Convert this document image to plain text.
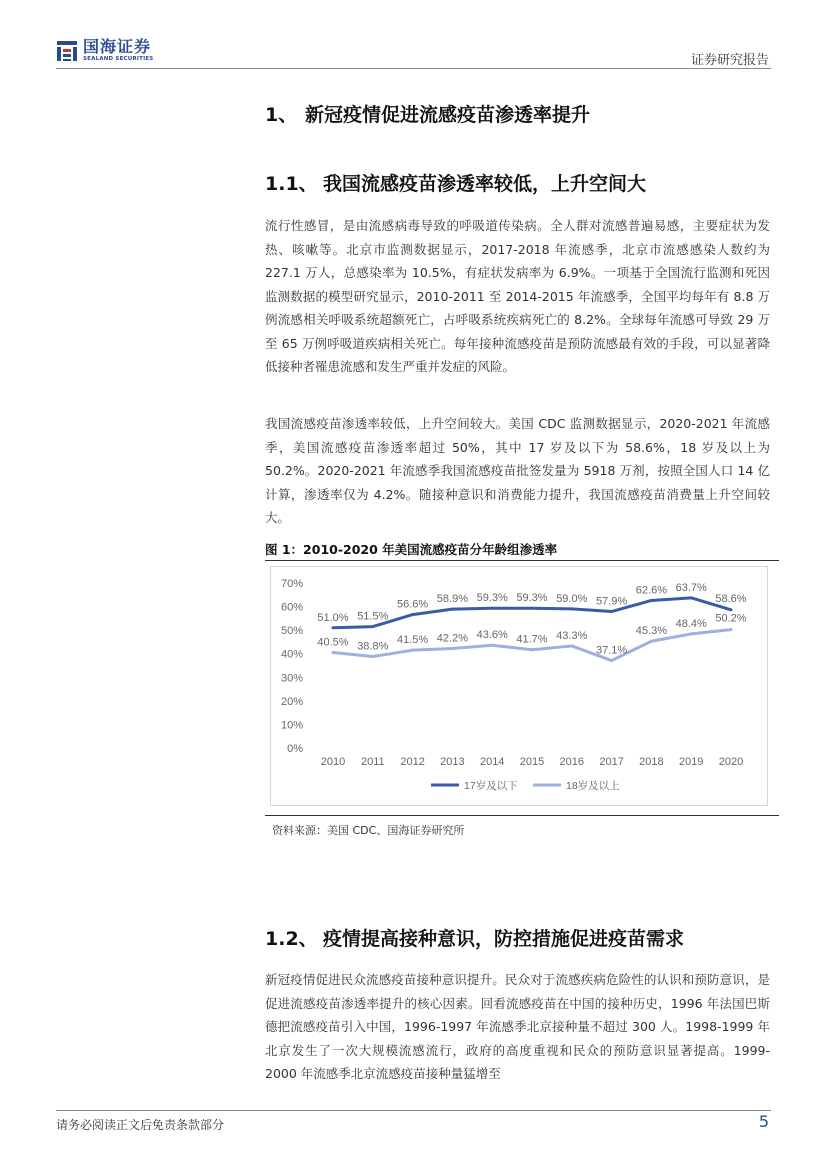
国海证券
SEALAND SECURITIES	证券研究报告
1、 新冠疫情促进流感疫苗渗透率提升
1.1、 我国流感疫苗渗透率较低，上升空间大

流行性感冒，是由流感病毒导致的呼吸道传染病。全人群对流感普遍易感，主要症状为发热、咳嗽等。北京市监测数据显示，2017-2018 年流感季，北京市流感感染人数约为 227.1 万人，总感染率为 10.5%，有症状发病率为 6.9%。一项基于全国流行监测和死因监测数据的模型研究显示，2010-2011 至 2014-2015 年流感季，全国平均每年有 8.8 万例流感相关呼吸系统超额死亡，占呼吸系统疾病死亡的 8.2%。全球每年流感可导致 29 万至 65 万例呼吸道疾病相关死亡。每年接种流感疫苗是预防流感最有效的手段，可以显著降低接种者罹患流感和发生严重并发症的风险。

我国流感疫苗渗透率较低，上升空间较大。美国 CDC 监测数据显示，2020-2021 年流感季，美国流感疫苗渗透率超过 50%，其中 17 岁及以下为 58.6%，18 岁及以上为 50.2%。2020-2021 年流感季我国流感疫苗批签发量为 5918 万剂，按照全国人口 14 亿计算，渗透率仅为 4.2%。随接种意识和消费能力提升，我国流感疫苗消费量上升空间较大。

图 1：2010-2020 年美国流感疫苗分年龄组渗透率
0%
10%
20%
30%
40%
50%
60%
70%
2010 2011 2012 2013 2014 2015 2016 2017 2018 2019 2020
51.0% 51.5%
56.6% 58.9% 59.3% 59.3% 59.0% 57.9%
62.6% 63.7%
58.6%
40.5% 38.8%
41.5% 42.2% 43.6% 41.7% 43.3%
37.1%
45.3%
48.4% 50.2%
17岁及以下	18岁及以上
资料来源：美国 CDC、国海证券研究所
1.2、 疫情提高接种意识，防控措施促进疫苗需求

新冠疫情促进民众流感疫苗接种意识提升。民众对于流感疾病危险性的认识和预防意识，是促进流感疫苗渗透率提升的核心因素。回看流感疫苗在中国的接种历史，1996 年法国巴斯德把流感疫苗引入中国，1996-1997 年流感季北京接种量不超过 300 人。1998-1999 年北京发生了一次大规模流感流行，政府的高度重视和民众的预防意识显著提高。1999-2000 年流感季北京流感疫苗接种量猛增至

请务必阅读正文后免责条款部分	5
